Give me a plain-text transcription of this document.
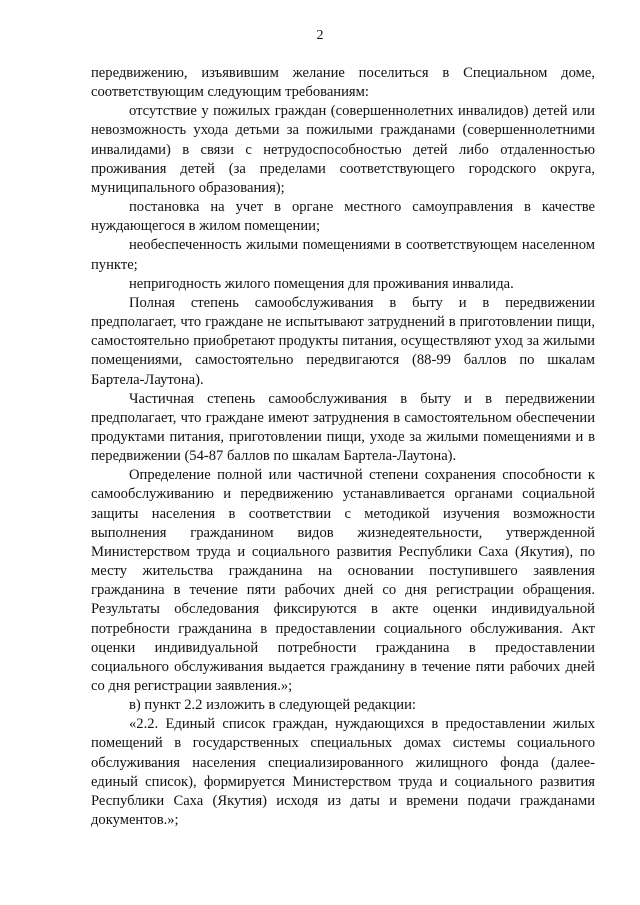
2

передвижению, изъявившим желание поселиться в Специальном доме, соответствующим следующим требованиям:

отсутствие у пожилых граждан (совершеннолетних инвалидов) детей или невозможность ухода детьми за пожилыми гражданами (совершеннолетними инвалидами) в связи с нетрудоспособностью детей либо отдаленностью проживания детей (за пределами соответствующего городского округа, муниципального образования);

постановка на учет в органе местного самоуправления в качестве нуждающегося в жилом помещении;

необеспеченность жилыми помещениями в соответствующем населенном пункте;

непригодность жилого помещения для проживания инвалида.

Полная степень самообслуживания в быту и в передвижении предполагает, что граждане не испытывают затруднений в приготовлении пищи, самостоятельно приобретают продукты питания, осуществляют уход за жилыми помещениями, самостоятельно передвигаются (88-99 баллов по шкалам Бартела-Лаутона).

Частичная степень самообслуживания в быту и в передвижении предполагает, что граждане имеют затруднения в самостоятельном обеспечении продуктами питания, приготовлении пищи, уходе за жилыми помещениями и в передвижении (54-87 баллов по шкалам Бартела-Лаутона).

Определение полной или частичной степени сохранения способности к самообслуживанию и передвижению устанавливается органами социальной защиты населения в соответствии с методикой изучения возможности выполнения гражданином видов жизнедеятельности, утвержденной Министерством труда и социального развития Республики Саха (Якутия), по месту жительства гражданина на основании поступившего заявления гражданина в течение пяти рабочих дней со дня регистрации обращения. Результаты обследования фиксируются в акте оценки индивидуальной потребности гражданина в предоставлении социального обслуживания. Акт оценки индивидуальной потребности гражданина в предоставлении социального обслуживания выдается гражданину в течение пяти рабочих дней со дня регистрации заявления.»;

в) пункт 2.2 изложить в следующей редакции:

«2.2. Единый список граждан, нуждающихся в предоставлении жилых помещений в государственных специальных домах системы социального обслуживания населения специализированного жилищного фонда (далее-единый список), формируется Министерством труда и социального развития Республики Саха (Якутия) исходя из даты и времени подачи гражданами документов.»;
